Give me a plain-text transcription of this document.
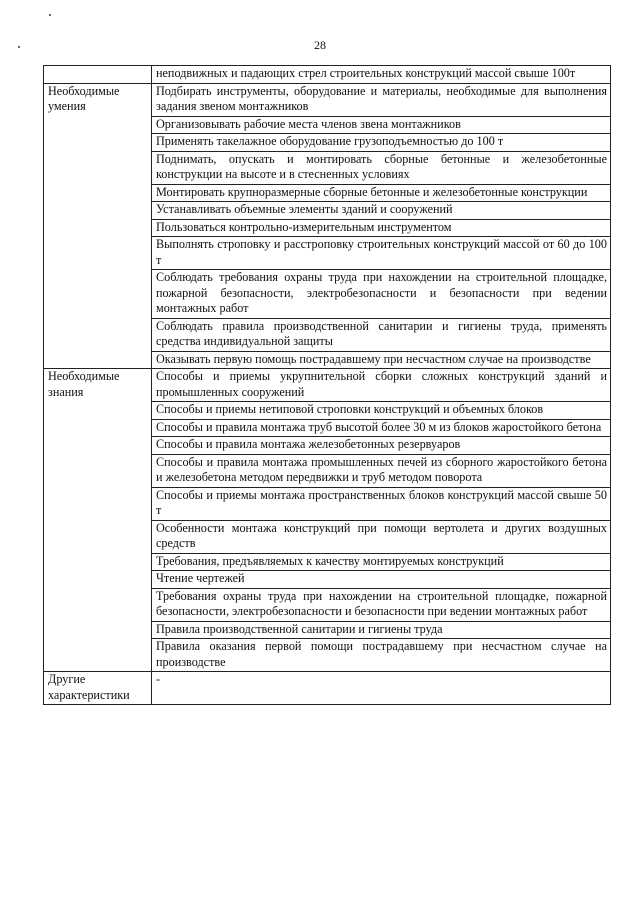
28
	неподвижных и падающих стрел строительных конструкций массой свыше 100т

Необходимые умения	Подбирать инструменты, оборудование и материалы, необходимые для выполнения задания звеном монтажников
	Организовывать рабочие места членов звена монтажников
	Применять такелажное оборудование грузоподъемностью до 100 т
	Поднимать, опускать и монтировать сборные бетонные и железобетонные конструкции на высоте и в стесненных условиях
	Монтировать крупноразмерные сборные бетонные и железобетонные конструкции
	Устанавливать объемные элементы зданий и сооружений
	Пользоваться контрольно-измерительным инструментом
	Выполнять строповку и расстроповку строительных конструкций массой от 60 до 100 т
	Соблюдать требования охраны труда при нахождении на строительной площадке, пожарной безопасности, электробезопасности и безопасности при ведении монтажных работ
	Соблюдать правила производственной санитарии и гигиены труда, применять средства индивидуальной защиты
	Оказывать первую помощь пострадавшему при несчастном случае на производстве

Необходимые знания	Способы и приемы укрупнительной сборки сложных конструкций зданий и промышленных сооружений
	Способы и приемы нетиповой строповки конструкций и объемных блоков
	Способы и правила монтажа труб высотой более 30 м из блоков жаростойкого бетона
	Способы и правила монтажа железобетонных резервуаров
	Способы и правила монтажа промышленных печей из сборного жаростойкого бетона и железобетона методом передвижки и труб методом поворота
	Способы и приемы монтажа пространственных блоков конструкций массой свыше 50 т
	Особенности монтажа конструкций при помощи вертолета и других воздушных средств
	Требования, предъявляемых к качеству монтируемых конструкций
	Чтение чертежей
	Требования охраны труда при нахождении на строительной площадке, пожарной безопасности, электробезопасности и безопасности при ведении монтажных работ
	Правила производственной санитарии и гигиены труда
	Правила оказания первой помощи пострадавшему при несчастном случае на производстве

Другие характеристики	-
